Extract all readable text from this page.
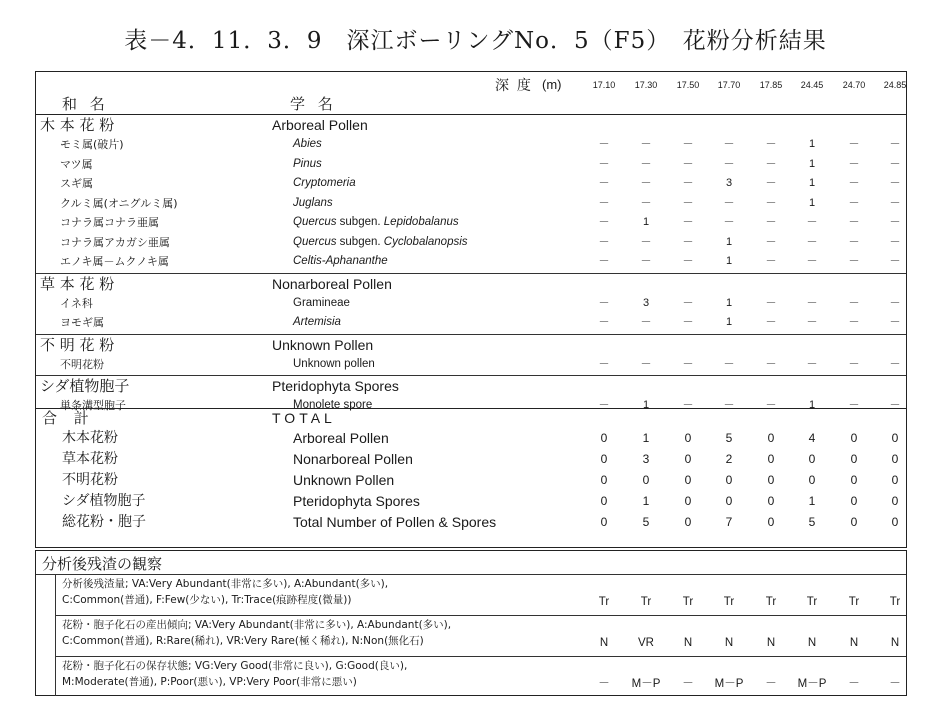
表－4．11．3．9　深江ボーリングNo．5（F5）　花粉分析結果
深 度 (m)	17.10	17.30	17.50	17.70	17.85	24.45	24.70	24.85
和 名	学 名
木 本 花 粉	Arboreal Pollen
モミ属(破片)	Abies	－	－	－	－	－	1	－	－
マツ属	Pinus	－	－	－	－	－	1	－	－
スギ属	Cryptomeria	－	－	－	3	－	1	－	－
クルミ属(オニグルミ属)	Juglans	－	－	－	－	－	1	－	－
コナラ属コナラ亜属	Quercus subgen. Lepidobalanus	－	1	－	－	－	－	－	－
コナラ属アカガシ亜属	Quercus subgen. Cyclobalanopsis	－	－	－	1	－	－	－	－
エノキ属－ムクノキ属	Celtis-Aphananthe	－	－	－	1	－	－	－	－
草 本 花 粉	Nonarboreal Pollen
イネ科	Gramineae	－	3	－	1	－	－	－	－
ヨモギ属	Artemisia	－	－	－	1	－	－	－	－
不 明 花 粉	Unknown Pollen
不明花粉	Unknown pollen	－	－	－	－	－	－	－	－
シダ植物胞子	Pteridophyta Spores
単条溝型胞子	Monolete spore	－	1	－	－	－	1	－	－
合 計	TOTAL
木本花粉	Arboreal Pollen	0	1	0	5	0	4	0	0
草本花粉	Nonarboreal Pollen	0	3	0	2	0	0	0	0
不明花粉	Unknown Pollen	0	0	0	0	0	0	0	0
シダ植物胞子	Pteridophyta Spores	0	1	0	0	0	1	0	0
総花粉・胞子	Total Number of Pollen & Spores	0	5	0	7	0	5	0	0
分析後残渣の観察
分析後残渣量; VA:Very Abundant(非常に多い), A:Abundant(多い),
C:Common(普通), F:Few(少ない), Tr:Trace(痕跡程度(微量))	Tr	Tr	Tr	Tr	Tr	Tr	Tr	Tr
花粉・胞子化石の産出傾向; VA:Very Abundant(非常に多い), A:Abundant(多い),
C:Common(普通), R:Rare(稀れ), VR:Very Rare(極く稀れ), N:Non(無化石)	N	VR	N	N	N	N	N	N
花粉・胞子化石の保存状態; VG:Very Good(非常に良い), G:Good(良い),
M:Moderate(普通), P:Poor(悪い), VP:Very Poor(非常に悪い)	－	M－P	－	M－P	－	M－P	－	－
